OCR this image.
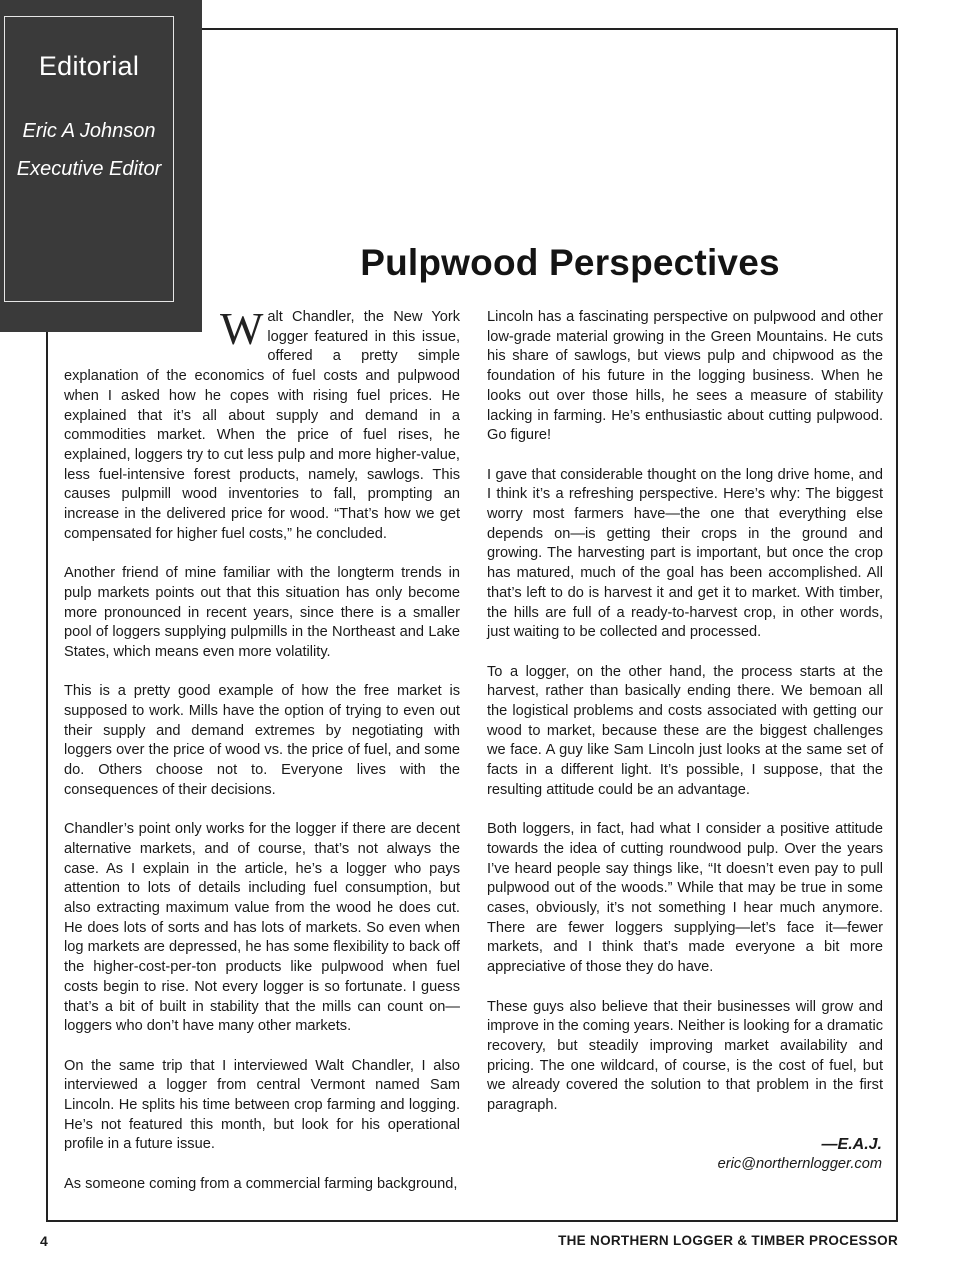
Editorial
Eric A Johnson
Executive Editor
Pulpwood Perspectives

Walt Chandler, the New York logger featured in this issue, offered a pretty simple explanation of the economics of fuel costs and pulpwood when I asked how he copes with rising fuel prices. He explained that it’s all about supply and demand in a commodities market. When the price of fuel rises, he explained, loggers try to cut less pulp and more higher-value, less fuel-intensive forest products, namely, sawlogs. This causes pulpmill wood inventories to fall, prompting an increase in the delivered price for wood. “That’s how we get compensated for higher fuel costs,” he concluded.

Another friend of mine familiar with the longterm trends in pulp markets points out that this situation has only become more pronounced in recent years, since there is a smaller pool of loggers supplying pulpmills in the Northeast and Lake States, which means even more volatility.

This is a pretty good example of how the free market is supposed to work. Mills have the option of trying to even out their supply and demand extremes by negotiating with loggers over the price of wood vs. the price of fuel, and some do. Others choose not to. Everyone lives with the consequences of their decisions.

Chandler’s point only works for the logger if there are decent alternative markets, and of course, that’s not always the case. As I explain in the article, he’s a logger who pays attention to lots of details including fuel consumption, but also extracting maximum value from the wood he does cut. He does lots of sorts and has lots of markets. So even when log markets are depressed, he has some flexibility to back off the higher-cost-per-ton products like pulpwood when fuel costs begin to rise. Not every logger is so fortunate. I guess that’s a bit of built in stability that the mills can count on—loggers who don’t have many other markets.

On the same trip that I interviewed Walt Chandler, I also interviewed a logger from central Vermont named Sam Lincoln. He splits his time between crop farming and logging. He’s not featured this month, but look for his operational profile in a future issue.

As someone coming from a commercial farming background,

Lincoln has a fascinating perspective on pulpwood and other low-grade material growing in the Green Mountains. He cuts his share of sawlogs, but views pulp and chipwood as the foundation of his future in the logging business. When he looks out over those hills, he sees a measure of stability lacking in farming. He’s enthusiastic about cutting pulpwood. Go figure!

I gave that considerable thought on the long drive home, and I think it’s a refreshing perspective. Here’s why: The biggest worry most farmers have—the one that everything else depends on—is getting their crops in the ground and growing. The harvesting part is important, but once the crop has matured, much of the goal has been accomplished. All that’s left to do is harvest it and get it to market. With timber, the hills are full of a ready-to-harvest crop, in other words, just waiting to be collected and processed.

To a logger, on the other hand, the process starts at the harvest, rather than basically ending there. We bemoan all the logistical problems and costs associated with getting our wood to market, because these are the biggest challenges we face. A guy like Sam Lincoln just looks at the same set of facts in a different light. It’s possible, I suppose, that the resulting attitude could be an advantage.

Both loggers, in fact, had what I consider a positive attitude towards the idea of cutting roundwood pulp. Over the years I’ve heard people say things like, “It doesn’t even pay to pull pulpwood out of the woods.” While that may be true in some cases, obviously, it’s not something I hear much anymore. There are fewer loggers supplying—let’s face it—fewer markets, and I think that’s made everyone a bit more appreciative of those they do have.

These guys also believe that their businesses will grow and improve in the coming years. Neither is looking for a dramatic recovery, but steadily improving market availability and pricing. The one wildcard, of course, is the cost of fuel, but we already covered the solution to that problem in the first paragraph.

—E.A.J.
eric@northernlogger.com
4	THE NORTHERN LOGGER & TIMBER PROCESSOR
